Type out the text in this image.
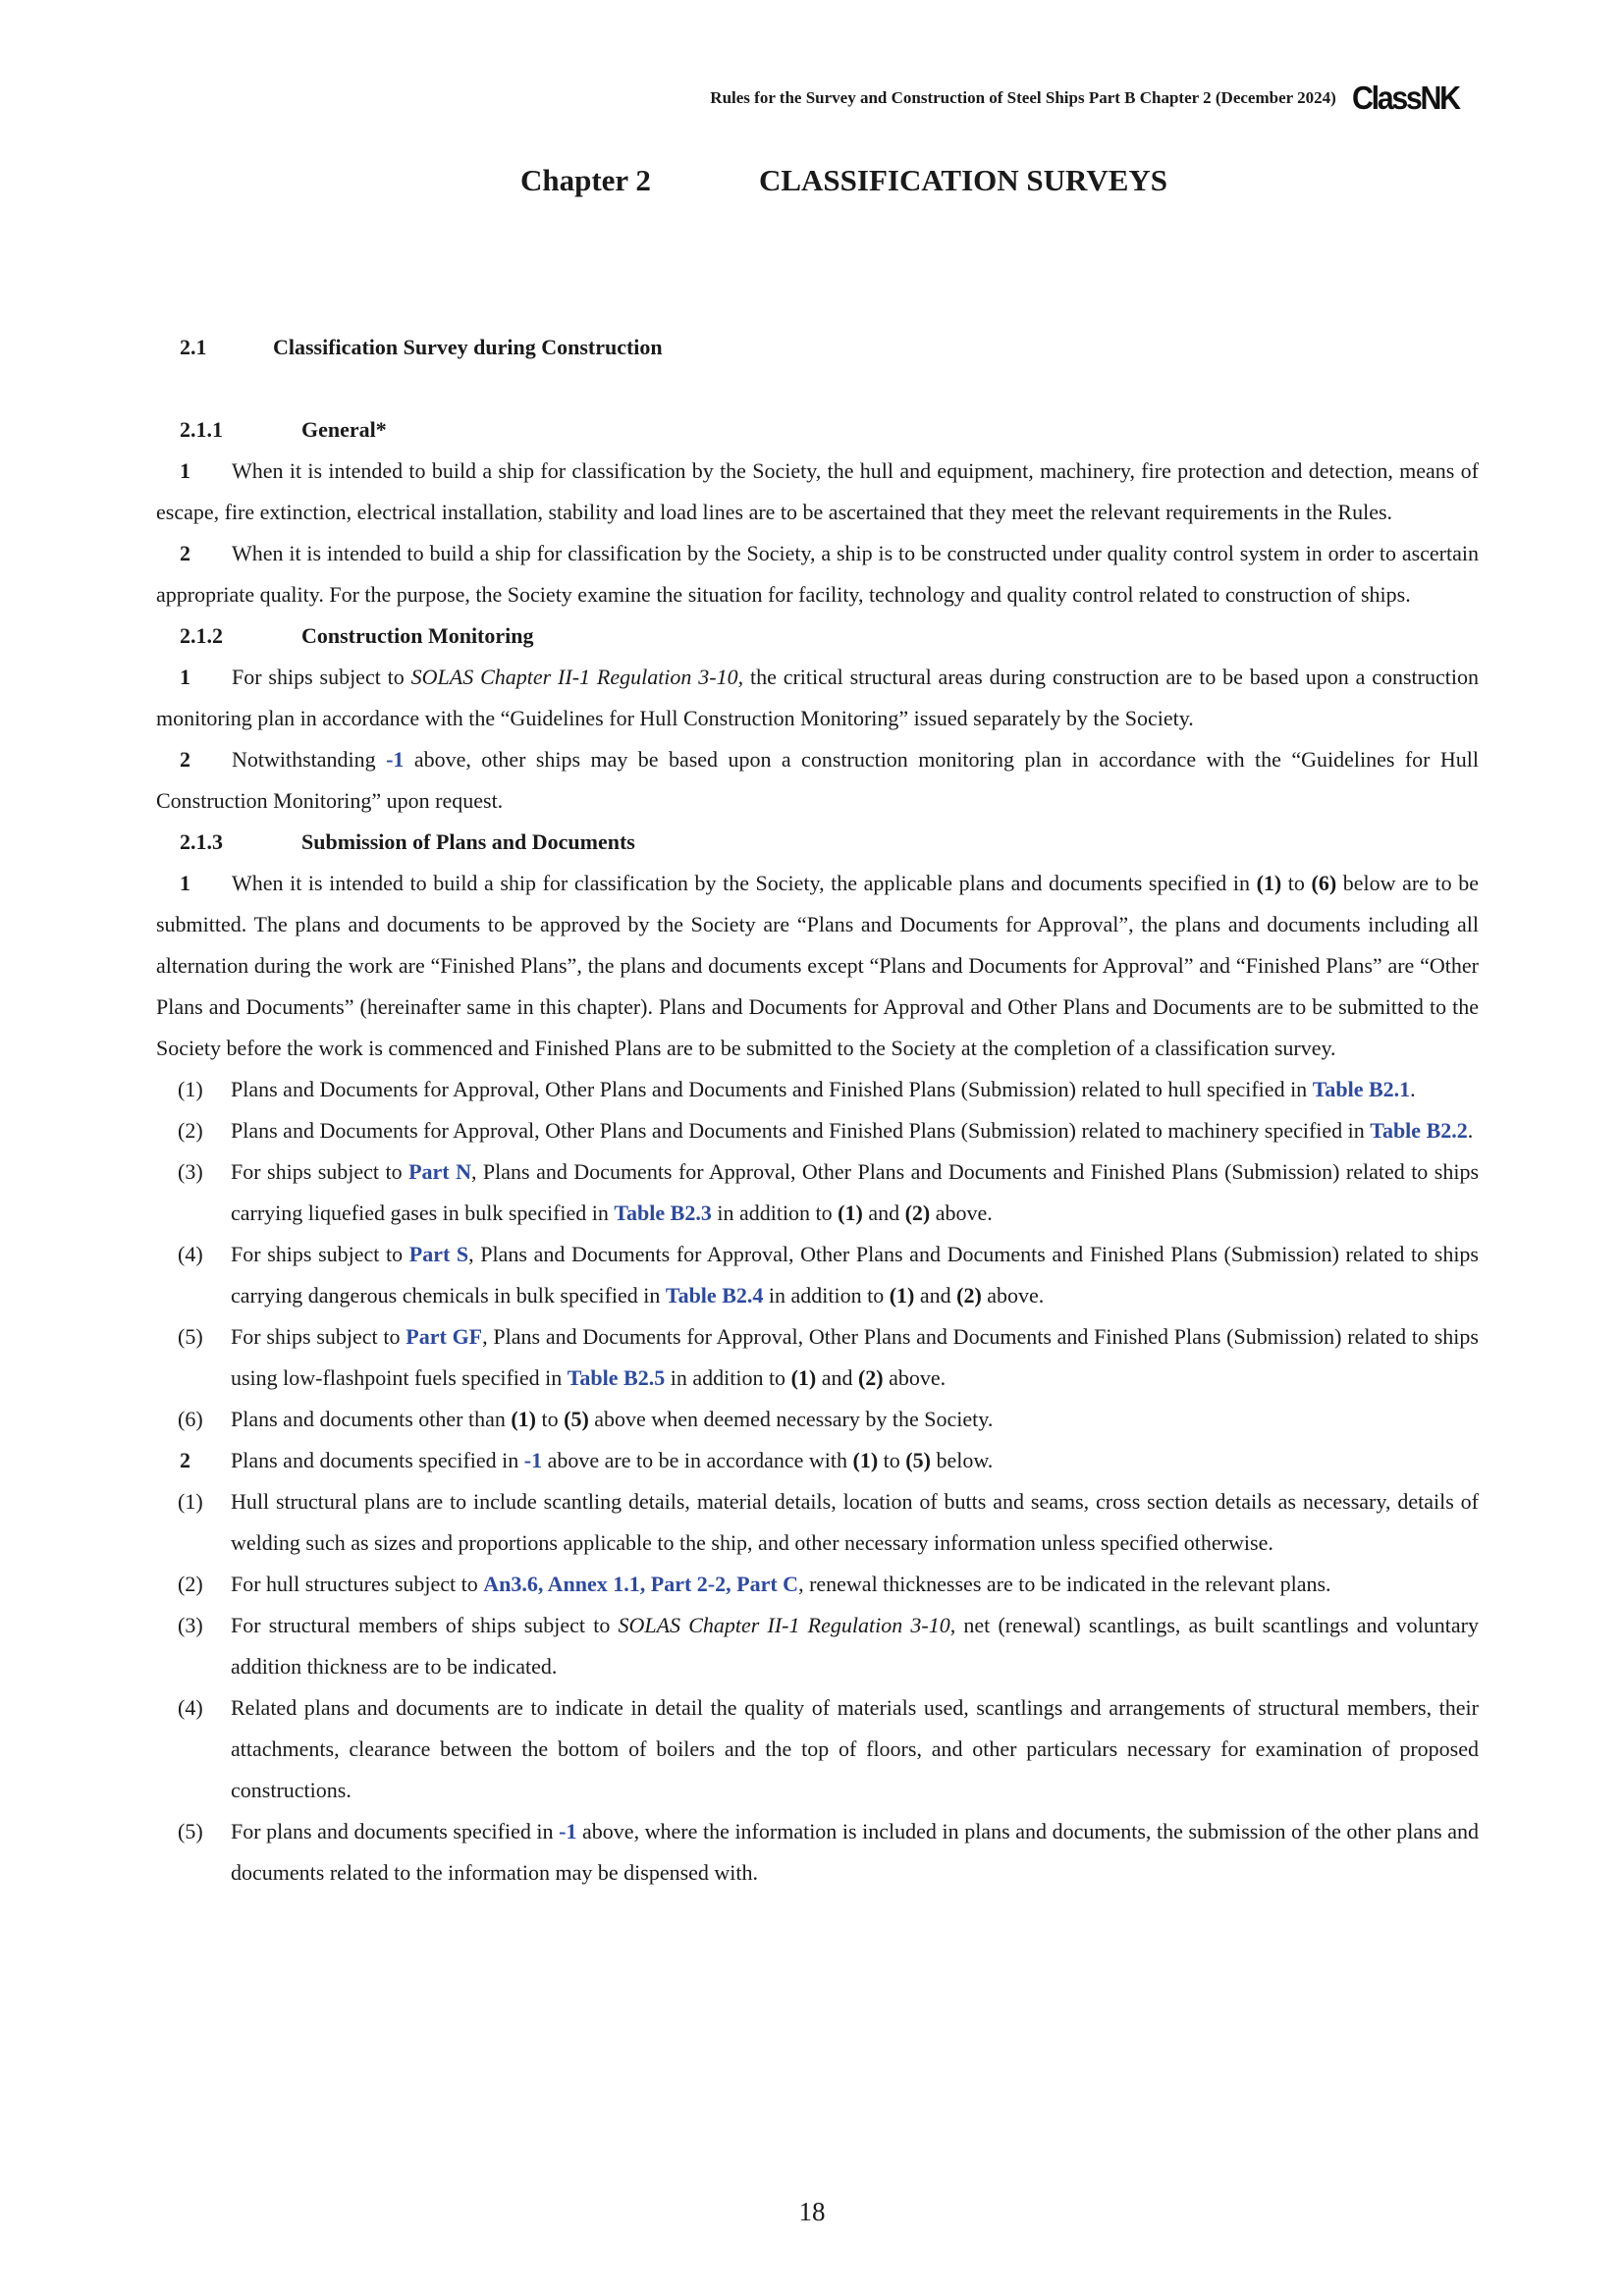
Rules for the Survey and Construction of Steel Ships Part B Chapter 2 (December 2024) ClassNK
Chapter 2	CLASSIFICATION SURVEYS

2.1	Classification Survey during Construction

2.1.1	General*

1 When it is intended to build a ship for classification by the Society, the hull and equipment, machinery, fire protection and detection, means of escape, fire extinction, electrical installation, stability and load lines are to be ascertained that they meet the relevant requirements in the Rules.

2 When it is intended to build a ship for classification by the Society, a ship is to be constructed under quality control system in order to ascertain appropriate quality. For the purpose, the Society examine the situation for facility, technology and quality control related to construction of ships.

2.1.2	Construction Monitoring

1 For ships subject to SOLAS Chapter II-1 Regulation 3-10, the critical structural areas during construction are to be based upon a construction monitoring plan in accordance with the “Guidelines for Hull Construction Monitoring” issued separately by the Society.

2 Notwithstanding -1 above, other ships may be based upon a construction monitoring plan in accordance with the “Guidelines for Hull Construction Monitoring” upon request.

2.1.3	Submission of Plans and Documents

1 When it is intended to build a ship for classification by the Society, the applicable plans and documents specified in (1) to (6) below are to be submitted. The plans and documents to be approved by the Society are “Plans and Documents for Approval”, the plans and documents including all alternation during the work are “Finished Plans”, the plans and documents except “Plans and Documents for Approval” and “Finished Plans” are “Other Plans and Documents” (hereinafter same in this chapter). Plans and Documents for Approval and Other Plans and Documents are to be submitted to the Society before the work is commenced and Finished Plans are to be submitted to the Society at the completion of a classification survey.

(1)	Plans and Documents for Approval, Other Plans and Documents and Finished Plans (Submission) related to hull specified in Table B2.1.
(2)	Plans and Documents for Approval, Other Plans and Documents and Finished Plans (Submission) related to machinery specified in Table B2.2.
(3)	For ships subject to Part N, Plans and Documents for Approval, Other Plans and Documents and Finished Plans (Submission) related to ships carrying liquefied gases in bulk specified in Table B2.3 in addition to (1) and (2) above.
(4)	For ships subject to Part S, Plans and Documents for Approval, Other Plans and Documents and Finished Plans (Submission) related to ships carrying dangerous chemicals in bulk specified in Table B2.4 in addition to (1) and (2) above.
(5)	For ships subject to Part GF, Plans and Documents for Approval, Other Plans and Documents and Finished Plans (Submission) related to ships using low-flashpoint fuels specified in Table B2.5 in addition to (1) and (2) above.
(6)	Plans and documents other than (1) to (5) above when deemed necessary by the Society.
2	Plans and documents specified in -1 above are to be in accordance with (1) to (5) below.
(1)	Hull structural plans are to include scantling details, material details, location of butts and seams, cross section details as necessary, details of welding such as sizes and proportions applicable to the ship, and other necessary information unless specified otherwise.
(2)	For hull structures subject to An3.6, Annex 1.1, Part 2-2, Part C, renewal thicknesses are to be indicated in the relevant plans.
(3)	For structural members of ships subject to SOLAS Chapter II-1 Regulation 3-10, net (renewal) scantlings, as built scantlings and voluntary addition thickness are to be indicated.
(4)	Related plans and documents are to indicate in detail the quality of materials used, scantlings and arrangements of structural members, their attachments, clearance between the bottom of boilers and the top of floors, and other particulars necessary for examination of proposed constructions.
(5)	For plans and documents specified in -1 above, where the information is included in plans and documents, the submission of the other plans and documents related to the information may be dispensed with.
18
